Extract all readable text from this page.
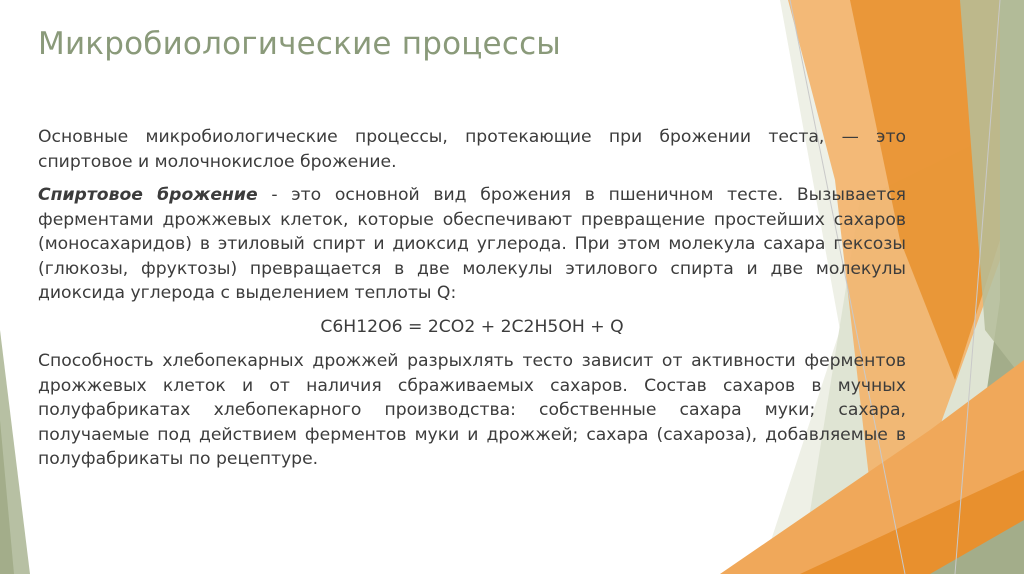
Микробиологические процессы

Основные микробиологические процессы, протекающие при брожении теста, — это спиртовое и молочнокислое брожение.

Спиртовое брожение - это основной вид брожения в пшеничном тесте. Вызывается ферментами дрожжевых клеток, которые обеспечивают превращение простейших сахаров (моносахаридов) в этиловый спирт и диоксид углерода. При этом молекула сахара гексозы (глюкозы, фруктозы) превращается в две молекулы этилового спирта и две молекулы диоксида углерода с выделением теплоты Q:

C6H12O6 = 2CO2 + 2C2H5OH + Q

Способность хлебопекарных дрожжей разрыхлять тесто зависит от активности ферментов дрожжевых клеток и от наличия сбраживаемых сахаров. Состав сахаров в мучных полуфабрикатах хлебопекарного производства: собственные сахара муки; сахара, получаемые под действием ферментов муки и дрожжей; сахара (сахароза), добавляемые в полуфабрикаты по рецептуре.
